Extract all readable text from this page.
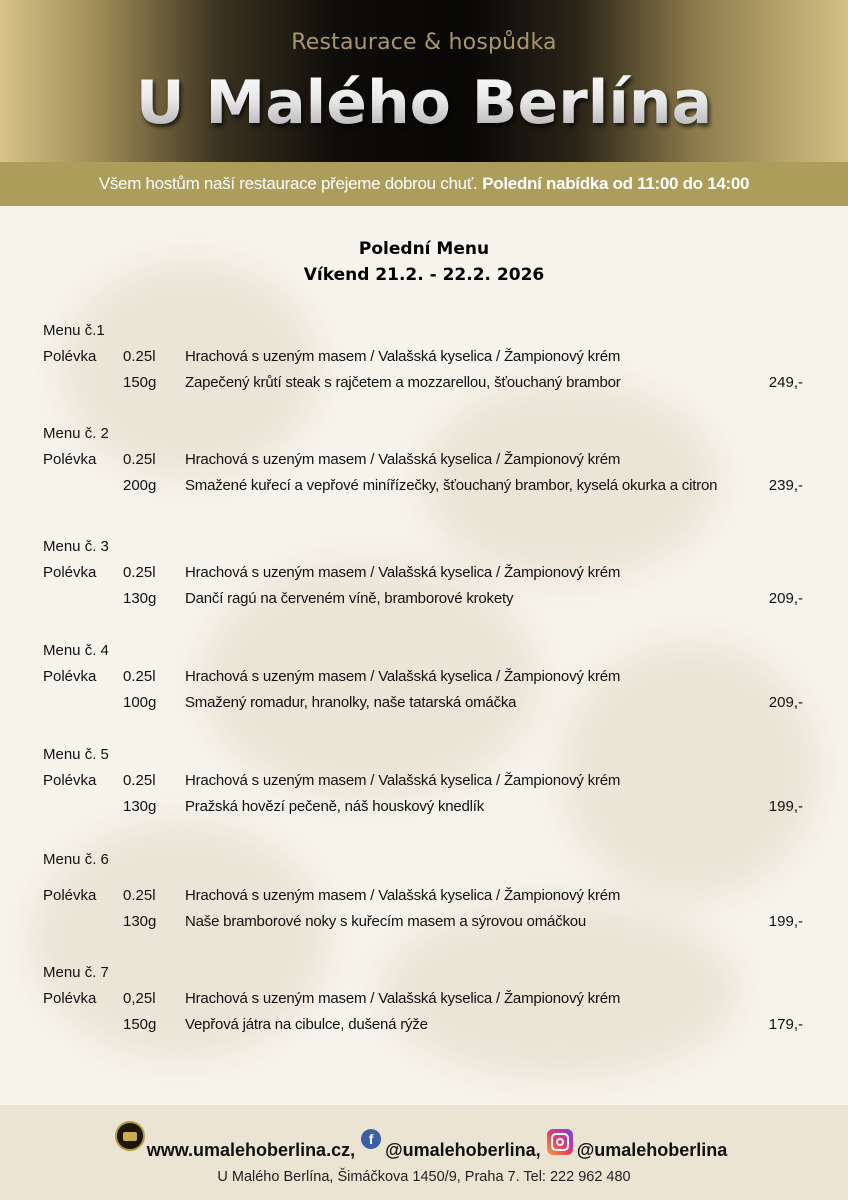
Restaurace & hospůdka
U Malého Berlína
Všem hostům naší restaurace přejeme dobrou chuť. Polední nabídka od 11:00 do 14:00
Polední Menu
Víkend 21.2. - 22.2. 2026
Menu č.1
Polévka 0.25l Hrachová s uzeným masem / Valašská kyselica / Žampionový krém
150g Zapečený krůtí steak s rajčetem a mozzarellou, šťouchaný brambor	249,-
Menu č. 2
Polévka 0.25l Hrachová s uzeným masem / Valašská kyselica / Žampionový krém
200g Smažené kuřecí a vepřové minířízečky, šťouchaný brambor, kyselá okurka a citron	239,-
Menu č. 3
Polévka 0.25l Hrachová s uzeným masem / Valašská kyselica / Žampionový krém
130g Dančí ragú na červeném víně, bramborové krokety	209,-
Menu č. 4
Polévka 0.25l Hrachová s uzeným masem / Valašská kyselica / Žampionový krém
100g Smažený romadur, hranolky, naše tatarská omáčka	209,-
Menu č. 5
Polévka 0.25l Hrachová s uzeným masem / Valašská kyselica / Žampionový krém
130g Pražská hovězí pečeně, náš houskový knedlík	199,-
Menu č. 6
Polévka 0.25l Hrachová s uzeným masem / Valašská kyselica / Žampionový krém
130g Naše bramborové noky s kuřecím masem a sýrovou omáčkou	199,-
Menu č. 7
Polévka 0,25l Hrachová s uzeným masem / Valašská kyselica / Žampionový krém
150g Vepřová játra na cibulce, dušená rýže	179,-
www.umalehoberlina.cz,
f
@umalehoberlina, @umalehoberlina
U Malého Berlína, Šimáčkova 1450/9, Praha 7. Tel: 222 962 480
